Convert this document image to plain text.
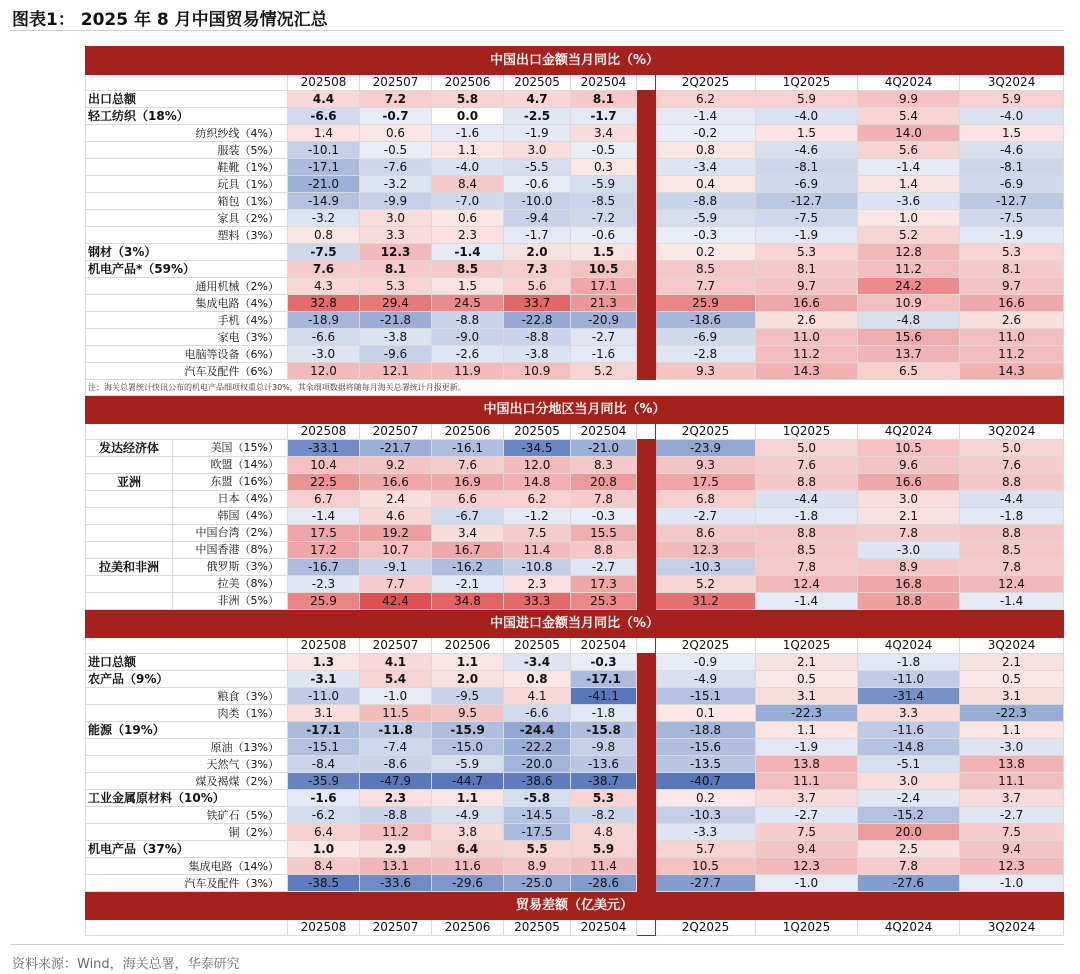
图表1： 2025 年 8 月中国贸易情况汇总
中国出口金额当月同比（%）										
	202508	202507	202506	202505	202504		2Q2025	1Q2025	4Q2024	3Q2024
出口总额	4.4	7.2	5.8	4.7	8.1		6.2	5.9	9.9	5.9
轻工纺织（18%）	-6.6	-0.7	0.0	-2.5	-1.7		-1.4	-4.0	5.4	-4.0
纺织纱线（4%）	1.4	0.6	-1.6	-1.9	3.4		-0.2	1.5	14.0	1.5
服装（5%）	-10.1	-0.5	1.1	3.0	-0.5		0.8	-4.6	5.6	-4.6
鞋靴（1%）	-17.1	-7.6	-4.0	-5.5	0.3		-3.4	-8.1	-1.4	-8.1
玩具（1%）	-21.0	-3.2	8.4	-0.6	-5.9		0.4	-6.9	1.4	-6.9
箱包（1%）	-14.9	-9.9	-7.0	-10.0	-8.5		-8.8	-12.7	-3.6	-12.7
家具（2%）	-3.2	3.0	0.6	-9.4	-7.2		-5.9	-7.5	1.0	-7.5
塑料（3%）	0.8	3.3	2.3	-1.7	-0.6		-0.3	-1.9	5.2	-1.9
钢材（3%）	-7.5	12.3	-1.4	2.0	1.5		0.2	5.3	12.8	5.3
机电产品*（59%）	7.6	8.1	8.5	7.3	10.5		8.5	8.1	11.2	8.1
通用机械（2%）	4.3	5.3	1.5	5.6	17.1		7.7	9.7	24.2	9.7
集成电路（4%）	32.8	29.4	24.5	33.7	21.3		25.9	16.6	10.9	16.6
手机（4%）	-18.9	-21.8	-8.8	-22.8	-20.9		-18.6	2.6	-4.8	2.6
家电（3%）	-6.6	-3.8	-9.0	-8.8	-2.7		-6.9	11.0	15.6	11.0
电脑等设备（6%）	-3.0	-9.6	-2.6	-3.8	-1.6		-2.8	11.2	13.7	11.2
汽车及配件（6%）	12.0	12.1	11.9	10.9	5.2		9.3	14.3	6.5	14.3
注：海关总署统计快讯公布的机电产品细项权重总计30%，其余细项数据将随每月海关总署统计月报更新。										
中国出口分地区当月同比（%）										
	202508	202507	202506	202505	202504		2Q2025	1Q2025	4Q2024	3Q2024

发达经济体 美国（15%）	-33.1	-21.7	-16.1	-34.5	-21.0		-23.9	5.0	10.5	5.0

欧盟（14%）	10.4	9.2	7.6	12.0	8.3		9.3	7.6	9.6	7.6

亚洲 东盟（16%）	22.5	16.6	16.9	14.8	20.8		17.5	8.8	16.6	8.8

日本（4%）	6.7	2.4	6.6	6.2	7.8		6.8	-4.4	3.0	-4.4

韩国（4%）	-1.4	4.6	-6.7	-1.2	-0.3		-2.7	-1.8	2.1	-1.8

中国台湾（2%）	17.5	19.2	3.4	7.5	15.5		8.6	8.8	7.8	8.8

中国香港（8%）	17.2	10.7	16.7	11.4	8.8		12.3	8.5	-3.0	8.5

拉美和非洲 俄罗斯（3%）	-16.7	-9.1	-16.2	-10.8	-2.7		-10.3	7.8	8.9	7.8

拉美（8%）	-2.3	7.7	-2.1	2.3	17.3		5.2	12.4	16.8	12.4

非洲（5%）	25.9	42.4	34.8	33.3	25.3		31.2	-1.4	18.8	-1.4
中国进口金额当月同比（%）										
	202508	202507	202506	202505	202504		2Q2025	1Q2025	4Q2024	3Q2024
进口总额	1.3	4.1	1.1	-3.4	-0.3		-0.9	2.1	-1.8	2.1
农产品（9%）	-3.1	5.4	2.0	0.8	-17.1		-4.9	0.5	-11.0	0.5
粮食（3%）	-11.0	-1.0	-9.5	4.1	-41.1		-15.1	3.1	-31.4	3.1
肉类（1%）	3.1	11.5	9.5	-6.6	-1.8		0.1	-22.3	3.3	-22.3
能源（19%）	-17.1	-11.8	-15.9	-24.4	-15.8		-18.8	1.1	-11.6	1.1
原油（13%）	-15.1	-7.4	-15.0	-22.2	-9.8		-15.6	-1.9	-14.8	-3.0
天然气（3%）	-8.4	-8.6	-5.9	-20.0	-13.6		-13.5	13.8	-5.1	13.8
煤及褐煤（2%）	-35.9	-47.9	-44.7	-38.6	-38.7		-40.7	11.1	3.0	11.1
工业金属原材料（10%）	-1.6	2.3	1.1	-5.8	5.3		0.2	3.7	-2.4	3.7
铁矿石（5%）	-6.2	-8.8	-4.9	-14.5	-8.2		-10.3	-2.7	-15.2	-2.7
铜（2%）	6.4	11.2	3.8	-17.5	4.8		-3.3	7.5	20.0	7.5
机电产品（37%）	1.0	2.9	6.4	5.5	5.9		5.7	9.4	2.5	9.4
集成电路（14%）	8.4	13.1	11.6	8.9	11.4		10.5	12.3	7.8	12.3
汽车及配件（3%）	-38.5	-33.6	-29.6	-25.0	-28.6		-27.7	-1.0	-27.6	-1.0
贸易差额（亿美元）										
	202508	202507	202506	202505	202504		2Q2025	1Q2025	4Q2024	3Q2024
资料来源：Wind，海关总署，华泰研究
